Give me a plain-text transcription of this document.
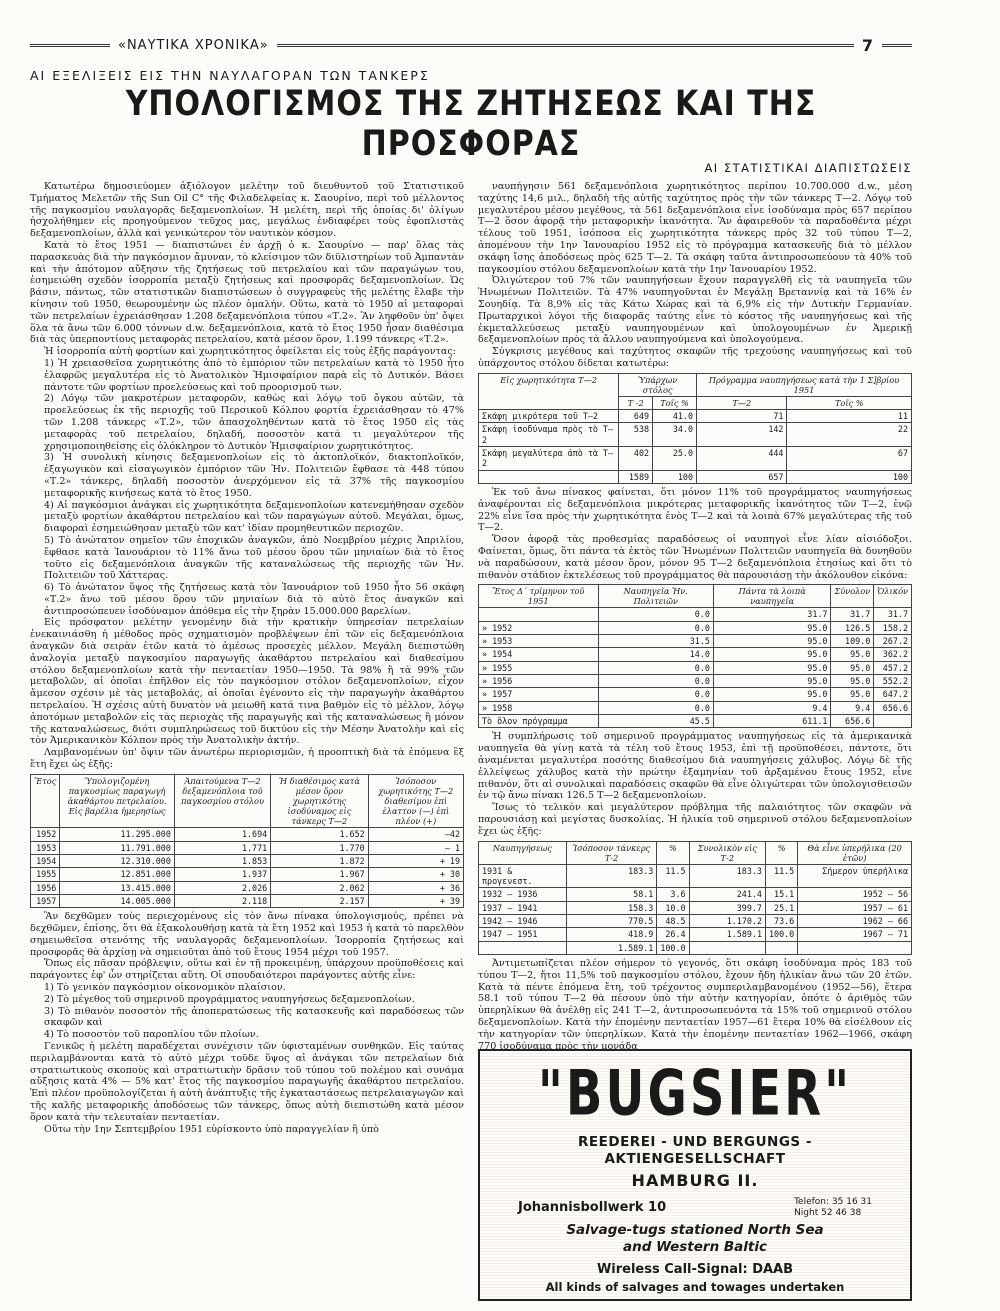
«ΝΑΥΤΙΚΑ ΧΡΟΝΙΚΑ»	7
ΑΙ ΕΞΕΛΙΞΕΙΣ ΕΙΣ ΤΗΝ ΝΑΥΛΑΓΟΡΑΝ ΤΩΝ ΤΑΝΚΕΡΣ
ΥΠΟΛΟΓΙΣΜΟΣ ΤΗΣ ΖΗΤΗΣΕΩΣ ΚΑΙ ΤΗΣ ΠΡΟΣΦΟΡΑΣ
ΑΙ ΣΤΑΤΙΣΤΙΚΑΙ ΔΙΑΠΙΣΤΩΣΕΙΣ

Κατωτέρω δημοσιεύομεν ἀξιόλογον μελέτην τοῦ διευθυντοῦ τοῦ Στατιστικοῦ Τμήματος Μελετῶν τῆς Sun Oil C° τῆς Φιλαδελφείας κ. Σαουρίνο, περὶ τοῦ μέλλοντος τῆς παγκοσμίου ναυλαγορᾶς δεξαμενοπλοίων. Ἡ μελέτη, περὶ τῆς ὁποίας δι' ὀλίγων ἠσχολήθημεν εἰς προηγούμενον τεῦχος μας, μεγάλως ἐνδιαφέρει τοὺς ἐφοπλιστὰς δεξαμενοπλοίων, ἀλλὰ καὶ γενικώτερον τὸν ναυτικὸν κόσμον.

Κατὰ τὸ ἔτος 1951 — διαπιστώνει ἐν ἀρχῇ ὁ κ. Σαουρίνο — παρ' ὅλας τὰς παρασκευὰς διὰ τὴν παγκόσμιον ἄμυναν, τὸ κλείσιμον τῶν διϋλιστηρίων τοῦ Ἀμπαντὰν καὶ τὴν ἀπότομον αὔξησιν τῆς ζητήσεως τοῦ πετρελαίου καὶ τῶν παραγώγων του, ἐσημειώθη σχεδὸν ἰσορροπία μεταξὺ ζητήσεως καὶ προσφορᾶς δεξαμενοπλοίων. Ὡς βάσιν, πάντως, τῶν στατιστικῶν διαπιστώσεων ὁ συγγραφεὺς τῆς μελέτης ἔλαβε τὴν κίνησιν τοῦ 1950, θεωρουμένην ὡς πλέον ὁμαλήν. Οὕτω, κατὰ τὸ 1950 αἱ μεταφοραὶ τῶν πετρελαίων ἐχρειάσθησαν 1.208 δεξαμενόπλοια τύπου «Τ.2». Ἂν ληφθοῦν ὑπ' ὄψει ὅλα τὰ ἄνω τῶν 6.000 τόννων d.w. δεξαμενόπλοια, κατὰ τὸ ἔτος 1950 ἦσαν διαθέσιμα διὰ τὰς ὑπερποντίους μεταφορὰς πετρελαίου, κατὰ μέσον ὅρον, 1.199 τάνκερς «Τ.2».

Ἡ ἰσορροπία αὐτὴ φορτίων καὶ χωρητικότητος ὀφείλεται εἰς τοὺς ἑξῆς παράγοντας:

1) Ἡ χρειασθεῖσα χωρητικότης ἀπὸ τὸ ἐμπόριον τῶν πετρελαίων κατὰ τὸ 1950 ἦτο ἐλαφρῶς μεγαλυτέρα εἰς τὸ Ἀνατολικὸν Ἡμισφαίριον παρὰ εἰς τὸ Δυτικόν. Βάσει πάντοτε τῶν φορτίων προελεύσεως καὶ τοῦ προορισμοῦ των.

2) Λόγῳ τῶν μακροτέρων μεταφορῶν, καθὼς καὶ λόγῳ τοῦ ὄγκου αὐτῶν, τὰ προελεύσεως ἐκ τῆς περιοχῆς τοῦ Περσικοῦ Κόλπου φορτία ἐχρειάσθησαν τὸ 47% τῶν 1.208 τάνκερς «Τ.2», τῶν ἀπασχοληθέντων κατὰ τὸ ἔτος 1950 εἰς τὰς μεταφορὰς τοῦ πετρελαίου, δηλαδή, ποσοστὸν κατά τι μεγαλύτερον τῆς χρησιμοποιηθείσης εἰς ὁλόκληρον τὸ Δυτικὸν Ἡμισφαίριον χωρητικότητος.

3) Ἡ συνολικὴ κίνησις δεξαμενοπλοίων εἰς τὸ ἀκτοπλοϊκόν, διακτοπλοϊκόν, ἐξαγωγικὸν καὶ εἰσαγωγικὸν ἐμπόριον τῶν Ἡν. Πολιτειῶν ἔφθασε τὰ 448 τύπου «Τ.2» τάνκερς, δηλαδὴ ποσοστὸν ἀνερχόμενον εἰς τὰ 37% τῆς παγκοσμίου μεταφορικῆς κινήσεως κατὰ τὸ ἔτος 1950.

4) Αἱ παγκόσμιοι ἀνάγκαι εἰς χωρητικότητα δεξαμενοπλοίων κατενεμήθησαν σχεδὸν μεταξὺ φορτίων ἀκαθάρτου πετρελαίου καὶ τῶν παραγώγων αὐτοῦ. Μεγάλαι, ὅμως, διαφοραὶ ἐσημειώθησαν μεταξὺ τῶν κατ' ἰδίαν προμηθευτικῶν περιοχῶν.

5) Τὸ ἀνώτατον σημεῖον τῶν ἐποχικῶν ἀναγκῶν, ἀπὸ Νοεμβρίου μέχρις Ἀπριλίου, ἔφθασε κατὰ Ἰανουάριον τὸ 11% ἄνω τοῦ μέσου ὅρου τῶν μηνιαίων διὰ τὸ ἔτος τοῦτο εἰς δεξαμενόπλοια ἀναγκῶν τῆς καταναλώσεως τῆς περιοχῆς τῶν Ἡν. Πολιτειῶν τοῦ Χάττερας.

6) Τὸ ἀνώτατον ὕψος τῆς ζητήσεως κατὰ τὸν Ἰανουάριον τοῦ 1950 ἦτο 56 σκάφη «Τ.2» ἄνω τοῦ μέσου ὅρου τῶν μηνιαίων διὰ τὸ αὐτὸ ἔτος ἀναγκῶν καὶ ἀντιπροσώπευεν ἰσοδύναμον ἀπόθεμα εἰς τὴν ξηρὰν 15.000.000 βαρελίων.

Εἰς πρόσφατον μελέτην γενομένην διὰ τὴν κρατικὴν ὑπηρεσίαν πετρελαίων ἐνεκαινιάσθη ἡ μέθοδος πρὸς σχηματισμὸν προβλέψεων ἐπὶ τῶν εἰς δεξαμενόπλοια ἀναγκῶν διὰ σειρὰν ἐτῶν κατὰ τὸ ἀμέσως προσεχὲς μέλλον. Μεγάλη διεπιστώθη ἀναλογία μεταξὺ παγκοσμίου παραγωγῆς ἀκαθάρτου πετρελαίου καὶ διαθεσίμου στόλου δεξαμενοπλοίων κατὰ τὴν πενταετίαν 1950—1950. Τὰ 98% ἢ τὰ 99% τῶν μεταβολῶν, αἱ ὁποῖαι ἐπῆλθον εἰς τὸν παγκόσμιον στόλον δεξαμενοπλοίων, εἶχον ἄμεσον σχέσιν μὲ τὰς μεταβολάς, αἱ ὁποῖαι ἐγένοντο εἰς τὴν παραγωγὴν ἀκαθάρτου πετρελαίου. Ἡ σχέσις αὐτὴ δυνατὸν νὰ μειωθῆ κατά τινα βαθμὸν εἰς τὸ μέλλον, λόγῳ ἀποτόμων μεταβολῶν εἰς τὰς περιοχὰς τῆς παραγωγῆς καὶ τῆς καταναλώσεως ἢ μόνον τῆς καταναλώσεως, διότι συμπληρώσεως τοῦ δικτύου εἰς τὴν Μέσην Ἀνατολὴν καὶ εἰς τὸν Ἀμερικανικὸν Κόλπον πρὸς τὴν Ἀνατολικὴν ἀκτήν.

Λαμβανομένων ὑπ' ὄψιν τῶν ἀνωτέρω περιορισμῶν, ἡ προοπτικὴ διὰ τὰ ἐπόμενα ἓξ ἔτη ἔχει ὡς ἑξῆς:

Ἔτος	Ὑπολογιζομένη παγκοσμίως παραγωγὴ ἀκαθάρτου πετρελαίου. Εἰς βαρέλια ἡμερησίως	Ἀπαιτούμενα Τ—2 δεξαμενόπλοια τοῦ παγκοσμίου στόλου	Ἡ διαθέσιμος κατὰ μέσον ὅρον χωρητικότης ἰσοδύναμος εἰς τάνκερς Τ—2	Ἰσόποσον χωρητικότης Τ—2 διαθεσίμου ἐπὶ ἐλαττον (—) ἐπὶ πλέον (+)
1952	11.295.000	1.694	1.652	—42
1953	11.791.000	1.771	1.770	— 1
1954	12.310.000	1.853	1.872	+ 19
1955	12.851.000	1.937	1.967	+ 30
1956	13.415.000	2.026	2.062	+ 36
1957	14.005.000	2.118	2.157	+ 39

Ἂν δεχθῶμεν τοὺς περιεχομένους εἰς τὸν ἄνω πίνακα ὑπολογισμούς, πρέπει νὰ δεχθῶμεν, ἐπίσης, ὅτι θὰ ἐξακολουθήσῃ κατὰ τὰ ἔτη 1952 καὶ 1953 ἡ κατὰ τὸ παρελθὸν σημειωθεῖσα στενότης τῆς ναυλαγορᾶς δεξαμενοπλοίων. Ἰσορροπία ζητήσεως καὶ προσφορᾶς θὰ ἀρχίσῃ νὰ σημειοῦται ἀπὸ τοῦ ἔτους 1954 μέχρι τοῦ 1957.

Ὅπως εἰς πᾶσαν πρόβλεψιν, οὕτω καὶ ἐν τῇ προκειμένῃ, ὑπάρχουν προϋποθέσεις καὶ παράγοντες ἐφ' ὧν στηρίζεται αὕτη. Οἱ σπουδαιότεροι παράγοντες αὐτῆς εἶνε:

1) Τὸ γενικὸν παγκόσμιον οἰκονομικὸν πλαίσιον.

2) Τὸ μέγεθος τοῦ σημερινοῦ προγράμματος ναυπηγήσεως δεξαμενοπλοίων.

3) Τὸ πιθανὸν ποσοστὸν τῆς ἀποπερατώσεως τῆς κατασκευῆς καὶ παραδόσεως τῶν σκαφῶν καὶ

4) Τὸ ποσοστὸν τοῦ παροπλίου τῶν πλοίων.

Γενικῶς ἡ μελέτη παραδέχεται συνέχισιν τῶν ὑφισταμένων συνθηκῶν. Εἰς ταύτας περιλαμβάνονται κατὰ τὸ αὐτὸ μέχρι τοῦδε ὕψος αἱ ἀνάγκαι τῶν πετρελαίων διὰ στρατιωτικοὺς σκοποὺς καὶ στρατιωτικὴν δρᾶσιν τοῦ τύπου τοῦ πολέμου καὶ συνάμα αὔξησις κατὰ 4% — 5% κατ' ἔτος τῆς παγκοσμίου παραγωγῆς ἀκαθάρτου πετρελαίου. Ἐπὶ πλέον προϋπολογίζεται ἡ αὐτὴ ἀνάπτυξις τῆς ἐγκαταστάσεως πετρελαιαγωγῶν καὶ τῆς καλῆς μεταφορικῆς ἀποδόσεως τῶν τάνκερς, ὅπως αὐτὴ διεπιστώθη κατὰ μέσον ὅρον κατὰ τὴν τελευταίαν πενταετίαν.

Οὕτω τὴν 1ην Σεπτεμβρίου 1951 εὑρίσκοντο ὑπὸ παραγγελίαν ἢ ὑπὸ

ναυπήγησιν 561 δεξαμενόπλοια χωρητικότητος περίπου 10.700.000 d.w., μέση ταχύτης 14,6 μιλ., δηλαδὴ τῆς αὐτῆς ταχύτητος πρὸς τὴν τῶν τάνκερς Τ—2. Λόγῳ τοῦ μεγαλυτέρου μέσου μεγέθους, τὰ 561 δεξαμενόπλοια εἶνε ἰσοδύναμα πρὸς 657 περίπου Τ—2 ὅσον ἀφορᾷ τὴν μεταφορικὴν ἱκανότητα. Ἂν ἀφαιρεθοῦν τὰ παραδοθέντα μέχρι τέλους τοῦ 1951, ἰσόποσα εἰς χωρητικότητα τάνκερς πρὸς 32 τοῦ τύπου Τ—2, ἀπομένουν τὴν 1ην Ἰανουαρίου 1952 εἰς τὸ πρόγραμμα κατασκευῆς διὰ τὸ μέλλον σκάφη ἴσης ἀποδόσεως πρὸς 625 Τ—2. Τὰ σκάφη ταῦτα ἀντιπροσωπεύουν τὰ 40% τοῦ παγκοσμίου στόλου δεξαμενοπλοίων κατὰ τὴν 1ην Ἰανουαρίου 1952.

Ὀλιγώτερον τοῦ 7% τῶν ναυπηγήσεων ἔχουν παραγγελθῆ εἰς τὰ ναυπηγεῖα τῶν Ἡνωμένων Πολιτειῶν. Τὰ 47% ναυπηγοῦνται ἐν Μεγάλῃ Βρεταννίᾳ καὶ τὰ 16% ἐν Σουηδίᾳ. Τὰ 8,9% εἰς τὰς Κάτω Χώρας καὶ τὰ 6,9% εἰς τὴν Δυτικὴν Γερμανίαν. Πρωταρχικοὶ λόγοι τῆς διαφορᾶς ταύτης εἶνε τὸ κόστος τῆς ναυπηγήσεως καὶ τῆς ἐκμεταλλεύσεως μεταξὺ ναυπηγουμένων καὶ ὑπολογουμένων ἐν Ἀμερικῇ δεξαμενοπλοίων πρὸς τὰ ἄλλου ναυπηγούμενα καὶ ὑπολογούμενα.

Σύγκρισις μεγέθους καὶ ταχύτητος σκαφῶν τῆς τρεχούσης ναυπηγήσεως καὶ τοῦ ὑπάρχοντος στόλου δίδεται κατωτέρω:

Εἰς χωρητικότητα Τ—2	Ὑπάρχων στόλος		Πρόγραμμα ναυπηγήσεως κατὰ τὴν 1 Σ]βρίου 1951	
	Τ -2	Τοῖς %	Τ—2	Τοῖς %
Σκάφη μικρότερα τοῦ Τ—2	649	41.0	71	11
Σκάφη ἰσοδύναμα πρὸς τὸ Τ—2	538	34.0	142	22
Σκάφη μεγαλύτερα ἀπὸ τὰ Τ—2	402	25.0	444	67
	1589	100	657	100

Ἐκ τοῦ ἄνω πίνακος φαίνεται, ὅτι μόνον 11% τοῦ προγράμματος ναυπηγήσεως ἀναφέρονται εἰς δεξαμενόπλοια μικρότερας μεταφορικῆς ἱκανότητος τῶν Τ—2, ἐνῷ 22% εἶνε ἴσα πρὸς τὴν χωρητικότητα ἑνὸς Τ—2 καὶ τὰ λοιπὰ 67% μεγαλύτερας τῆς τοῦ Τ—2.

Ὅσον ἀφορᾷ τὰς προθεσμίας παραδόσεως οἱ ναυπηγοὶ εἶνε λίαν αἰσιόδοξοι. Φαίνεται, ὅμως, ὅτι πάντα τὰ ἐκτὸς τῶν Ἡνωμένων Πολιτειῶν ναυπηγεῖα θὰ δυνηθοῦν νὰ παραδώσουν, κατὰ μέσον ὅρον, μόνον 95 Τ—2 δεξαμενόπλοια ἐτησίως καὶ ὅτι τὸ πιθανὸν στάδιον ἐκτελέσεως τοῦ προγράμματος θὰ παρουσιάσῃ τὴν ἀκόλουθον εἰκόνα:

Ἔτος Δ΄ τρίμηνον τοῦ 1951	Ναυπηγεῖα Ἡν. Πολιτειῶν	Πάντα τὰ λοιπὰ ναυπηγεῖα	Σύνολον	Ὁλικόν
	0.0	31.7	31.7	31.7
» 1952	0.0	95.0	126.5	158.2
» 1953	31.5	95.0	109.0	267.2
» 1954	14.0	95.0	95.0	362.2
» 1955	0.0	95.0	95.0	457.2
» 1956	0.0	95.0	95.0	552.2
» 1957	0.0	95.0	95.0	647.2
» 1958	0.0	9.4	9.4	656.6
Τὸ ὅλον πρόγραμμα	45.5	611.1	656.6	

Ἡ συμπλήρωσις τοῦ σημερινοῦ προγράμματος ναυπηγήσεως εἰς τὰ ἀμερικανικὰ ναυπηγεῖα θὰ γίνῃ κατὰ τὰ τέλη τοῦ ἔτους 1953, ἐπὶ τῇ προϋποθέσει, πάντοτε, ὅτι ἀναμένεται μεγαλυτέρα ποσότης διαθεσίμου διὰ ναυπηγήσεις χάλυβος. Λόγῳ δὲ τῆς ἐλλείψεως χάλυβος κατὰ τὴν πρώτην ἑξαμηνίαν τοῦ ἀρξαμένου ἔτους 1952, εἶνε πιθανόν, ὅτι αἱ συνολικαὶ παραδόσεις σκαφῶν θὰ εἶνε ὀλιγώτεραι τῶν ὑπολογισθεισῶν ἐν τῷ ἄνω πίνακι 126.5 Τ—2 δεξαμενοπλοίων.

Ἴσως τὸ τελικὸν καὶ μεγαλύτερον πρόβλημα τῆς παλαιότητος τῶν σκαφῶν νὰ παρουσιάσῃ καὶ μεγίστας δυσκολίας. Ἡ ἡλικία τοῦ σημερινοῦ στόλου δεξαμενοπλοίων ἔχει ὡς ἑξῆς:

Ναυπηγήσεως	Ἰσόποσον τάνκερς Τ-2	%	Συνολικὸν εἰς Τ-2	%	Θὰ εἶνε ὑπερήλικα (20 ἐτῶν)
1931 & προγενεστ.	183.3	11.5	183.3	11.5	Σήμερον ὑπερήλικα
1932 — 1936	58.1	3.6	241.4	15.1	1952 — 56
1937 — 1941	158.3	10.0	399.7	25.1	1957 — 61
1942 — 1946	770.5	48.5	1.170.2	73.6	1962 — 66
1947 — 1951	418.9	26.4	1.589.1	100.0	1967 — 71
	1.589.1	100.0			

Ἀντιμετωπίζεται πλέον σήμερον τὸ γεγονός, ὅτι σκάφη ἰσοδύναμα πρὸς 183 τοῦ τύπου Τ—2, ἤτοι 11,5% τοῦ παγκοσμίου στόλου, ἔχουν ἤδη ἡλικίαν ἄνω τῶν 20 ἐτῶν. Κατὰ τὰ πέντε ἐπόμενα ἔτη, τοῦ τρέχοντος συμπεριλαμβανομένου (1952—56), ἕτερα 58.1 τοῦ τύπου Τ—2 θὰ πέσουν ὑπὸ τὴν αὐτὴν κατηγορίαν, ὁπότε ὁ ἀριθμὸς τῶν ὑπερηλίκων θὰ ἀνέλθῃ εἰς 241 Τ—2, ἀντιπροσωπευόντα τὰ 15% τοῦ σημερινοῦ στόλου δεξαμενοπλοίων. Κατὰ τὴν ἐπομένην πενταετίαν 1957—61 ἕτερα 10% θὰ εἰσέλθουν εἰς τὴν κατηγορίαν τῶν ὑπερηλίκων. Κατὰ τὴν ἐπομένην πενταετίαν 1962—1966, σκάφη 770 ἰσοδύναμα πρὸς τὴν μονάδα

"BUGSIER"
REEDEREI - UND BERGUNGS - AKTIENGESELLSCHAFT
HAMBURG II.
Johannisbollwerk 10	Telefon: 35 16 31
Night 52 46 38
Salvage-tugs stationed North Sea
and Western Baltic
Wireless Call-Signal: DAAB
All kinds of salvages and towages undertaken
